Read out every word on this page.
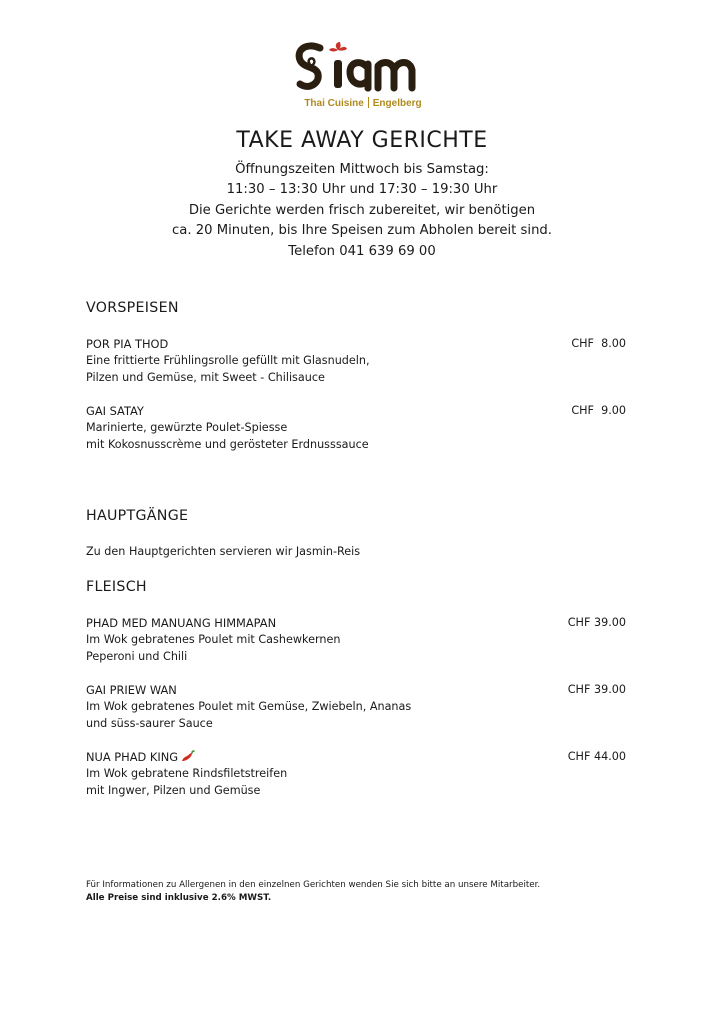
Thai Cuisine Engelberg
TAKE AWAY GERICHTE
Öffnungszeiten Mittwoch bis Samstag:
11:30 – 13:30 Uhr und 17:30 – 19:30 Uhr
Die Gerichte werden frisch zubereitet, wir benötigen
ca. 20 Minuten, bis Ihre Speisen zum Abholen bereit sind.
Telefon 041 639 69 00
VORSPEISEN
POR PIA THOD
Eine frittierte Frühlingsrolle gefüllt mit Glasnudeln,
Pilzen und Gemüse, mit Sweet - Chilisauce
CHF  8.00
GAI SATAY
Marinierte, gewürzte Poulet-Spiesse
mit Kokosnusscrème und gerösteter Erdnusssauce
CHF  9.00
HAUPTGÄNGE
Zu den Hauptgerichten servieren wir Jasmin-Reis
FLEISCH
PHAD MED MANUANG HIMMAPAN
Im Wok gebratenes Poulet mit Cashewkernen
Peperoni und Chili
CHF 39.00
GAI PRIEW WAN
Im Wok gebratenes Poulet mit Gemüse, Zwiebeln, Ananas
und süss-saurer Sauce
CHF 39.00
NUA PHAD KING
Im Wok gebratene Rindsfiletstreifen
mit Ingwer, Pilzen und Gemüse
CHF 44.00
Für Informationen zu Allergenen in den einzelnen Gerichten wenden Sie sich bitte an unsere Mitarbeiter.
Alle Preise sind inklusive 2.6% MWST.
